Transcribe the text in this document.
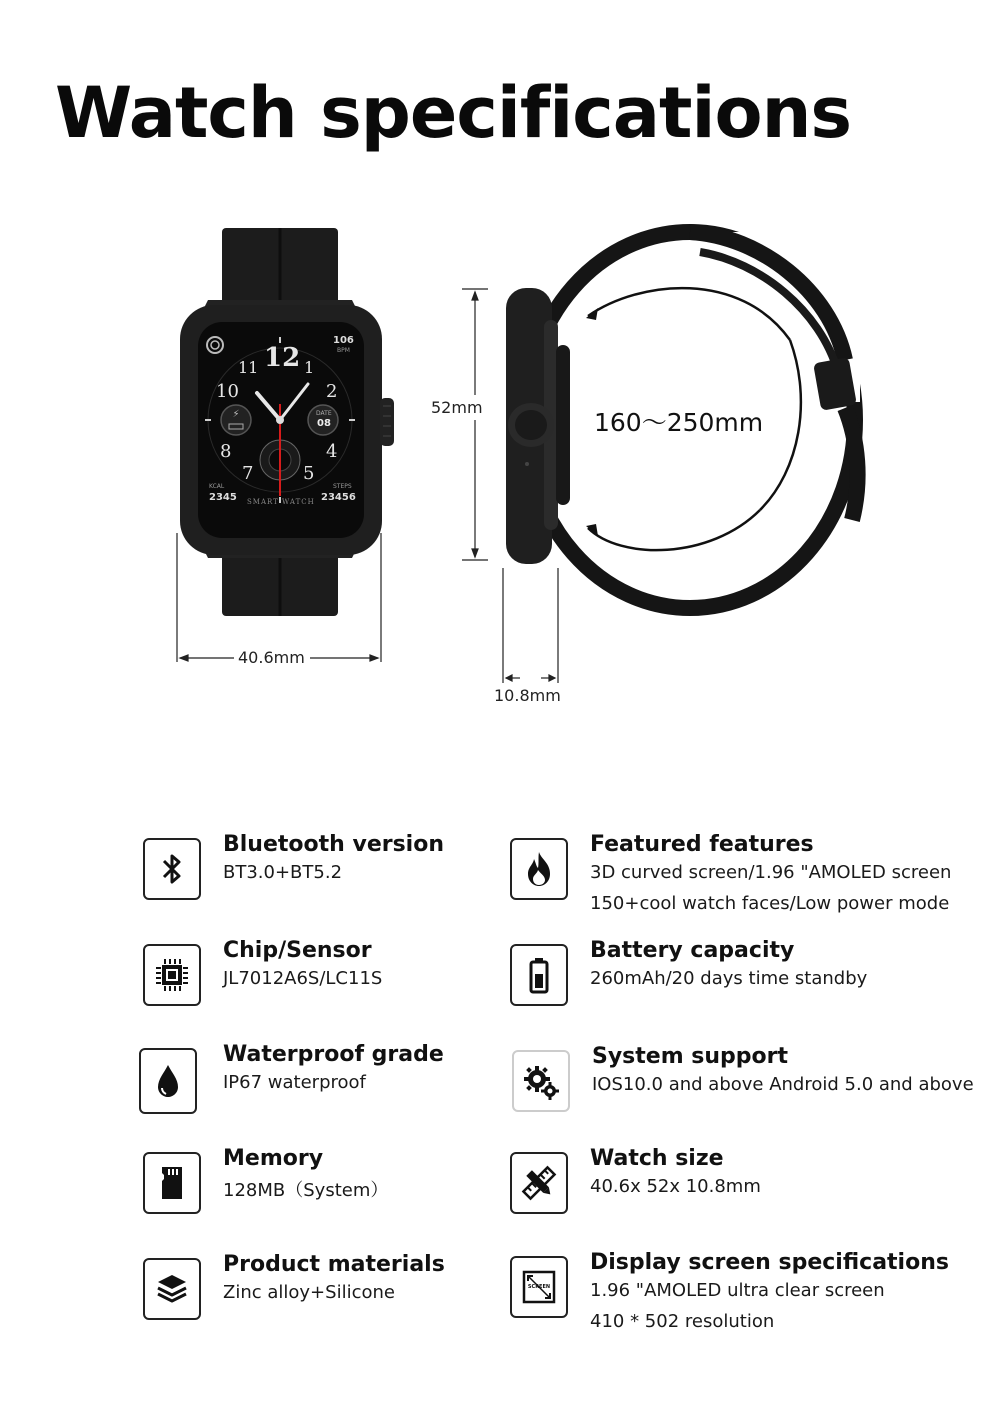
Watch specifications
⚡
106
BPM
12 1
2
4
5
7
8
10
11
DATE
08
KCAL
2345
STEPS
23456
SMART WATCH
40.6mm
52mm
10.8mm
160～250mm
Bluetooth version
BT3.0+BT5.2
Featured features
3D curved screen/1.96 "AMOLED screen
150+cool watch faces/Low power mode
Chip/Sensor
JL7012A6S/LC11S
Battery capacity
260mAh/20 days time standby
Waterproof grade
IP67 waterproof
System support
IOS10.0 and above Android 5.0 and above
Memory
128MB（System）
Watch size
40.6x 52x 10.8mm
Product materials
Zinc alloy+Silicone	SCREEN
Display screen specifications
1.96 "AMOLED ultra clear screen
410 * 502 resolution
